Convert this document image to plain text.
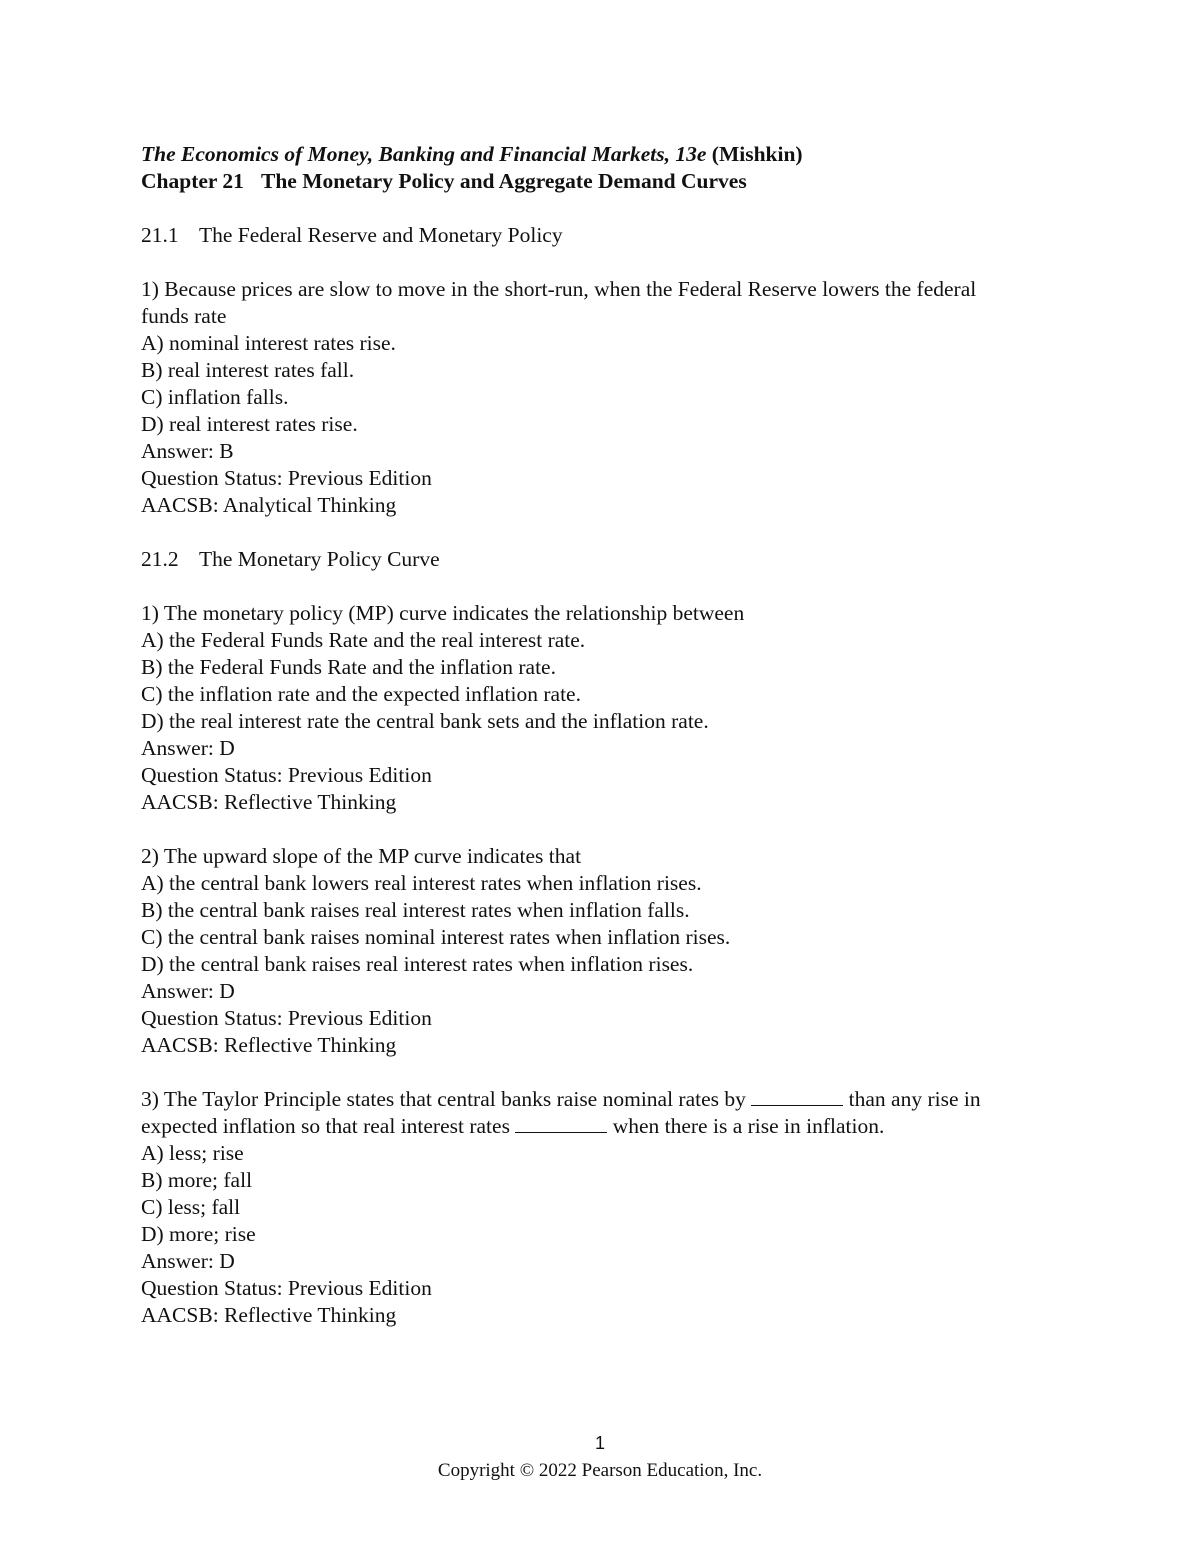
The Economics of Money, Banking and Financial Markets, 13e (Mishkin)
Chapter 21 The Monetary Policy and Aggregate Demand Curves
21.1 The Federal Reserve and Monetary Policy
1) Because prices are slow to move in the short-run, when the Federal Reserve lowers the federal
funds rate
A) nominal interest rates rise.
B) real interest rates fall.
C) inflation falls.
D) real interest rates rise.
Answer: B
Question Status: Previous Edition
AACSB: Analytical Thinking
21.2 The Monetary Policy Curve
1) The monetary policy (MP) curve indicates the relationship between
A) the Federal Funds Rate and the real interest rate.
B) the Federal Funds Rate and the inflation rate.
C) the inflation rate and the expected inflation rate.
D) the real interest rate the central bank sets and the inflation rate.
Answer: D
Question Status: Previous Edition
AACSB: Reflective Thinking
2) The upward slope of the MP curve indicates that
A) the central bank lowers real interest rates when inflation rises.
B) the central bank raises real interest rates when inflation falls.
C) the central bank raises nominal interest rates when inflation rises.
D) the central bank raises real interest rates when inflation rises.
Answer: D
Question Status: Previous Edition
AACSB: Reflective Thinking
3) The Taylor Principle states that central banks raise nominal rates by	than any rise in
expected inflation so that real interest rates	when there is a rise in inflation.
A) less; rise
B) more; fall
C) less; fall
D) more; rise
Answer: D
Question Status: Previous Edition
AACSB: Reflective Thinking
1
Copyright © 2022 Pearson Education, Inc.
